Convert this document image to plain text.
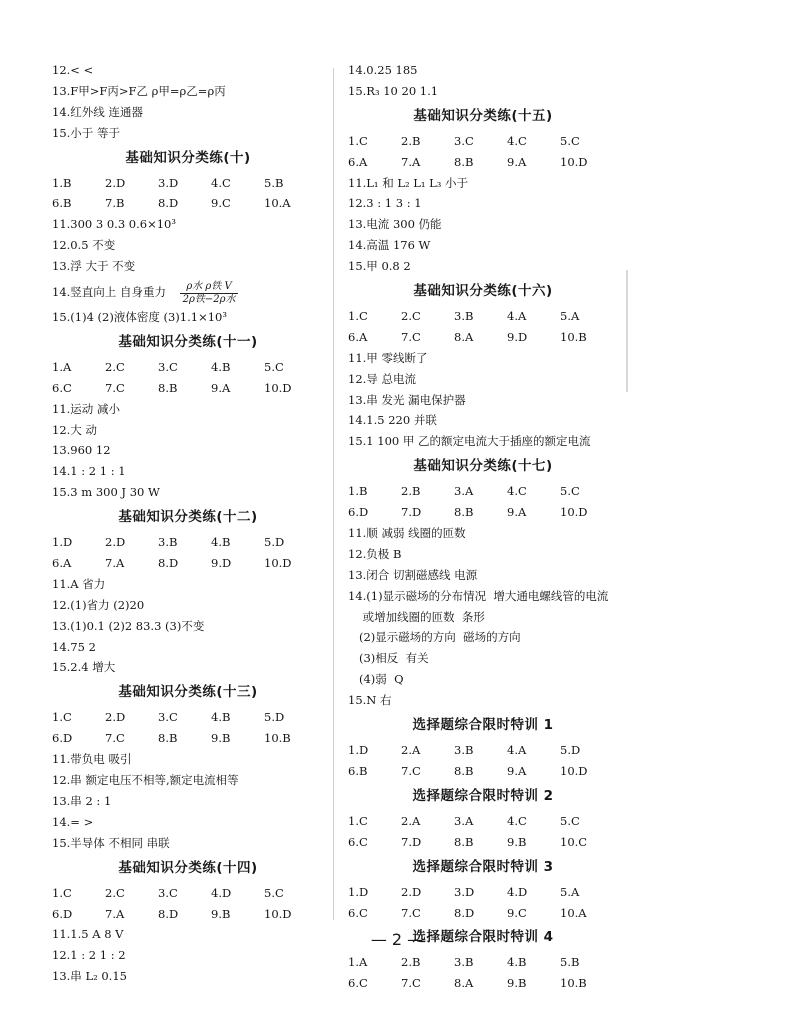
12.< <
13.F甲>F丙>F乙 ρ甲=ρ乙=ρ丙
14.红外线 连通器
15.小于 等于
基础知识分类练(十)
1.B	2.D	3.D	4.C	5.B
6.B	7.B	8.D	9.C	10.A
11.300 3 0.3 0.6×10³
12.0.5 不变
13.浮 大于 不变
14.竖直向上 自身重力 $\frac{\text{ρ水 ρ铁 V}}{\text{2ρ铁−2ρ水}}$
15.(1)4 (2)液体密度 (3)1.1×10³
基础知识分类练(十一)
1.A	2.C	3.C	4.B	5.C
6.C	7.C	8.B	9.A	10.D
11.运动 减小
12.大 动
13.960 12
14.1 : 2 1 : 1
15.3 m 300 J 30 W
基础知识分类练(十二)
1.D	2.D	3.B	4.B	5.D
6.A	7.A	8.D	9.D	10.D
11.A 省力
12.(1)省力 (2)20
13.(1)0.1 (2)2 83.3 (3)不变
14.75 2
15.2.4 增大
基础知识分类练(十三)
1.C	2.D	3.C	4.B	5.D
6.D	7.C	8.B	9.B	10.B
11.带负电 吸引
12.串 额定电压不相等,额定电流相等
13.串 2 : 1
14.= >
15.半导体 不相同 串联
基础知识分类练(十四)
1.C	2.C	3.C	4.D	5.C
6.D	7.A	8.D	9.B	10.D
11.1.5 A 8 V
12.1 : 2 1 : 2
13.串 L₂ 0.15
14.0.25 185
15.R₃ 10 20 1.1
基础知识分类练(十五)
1.C	2.B	3.C	4.C	5.C
6.A	7.A	8.B	9.A	10.D
11.L₁ 和 L₂ L₁ L₃ 小于
12.3 : 1 3 : 1
13.电流 300 仍能
14.高温 176 W
15.甲 0.8 2
基础知识分类练(十六)
1.C	2.C	3.B	4.A	5.A
6.A	7.C	8.A	9.D	10.B
11.甲 零线断了
12.导 总电流
13.串 发光 漏电保护器
14.1.5 220 并联
15.1 100 甲 乙的额定电流大于插座的额定电流
基础知识分类练(十七)
1.B	2.B	3.A	4.C	5.C
6.D	7.D	8.B	9.A	10.D
11.顺 减弱 线圈的匝数
12.负极 B
13.闭合 切割磁感线 电源
14.(1)显示磁场的分布情况  增大通电螺线管的电流
或增加线圈的匝数  条形
(2)显示磁场的方向  磁场的方向
(3)相反  有关
(4)弱  Q
15.N 右
选择题综合限时特训 1
1.D	2.A	3.B	4.A	5.D
6.B	7.C	8.B	9.A	10.D
选择题综合限时特训 2
1.C	2.A	3.A	4.C	5.C
6.C	7.D	8.B	9.B	10.C
选择题综合限时特训 3
1.D	2.D	3.D	4.D	5.A
6.C	7.C	8.D	9.C	10.A
选择题综合限时特训 4
1.A	2.B	3.B	4.B	5.B
6.C	7.C	8.A	9.B	10.B
— 2 —
